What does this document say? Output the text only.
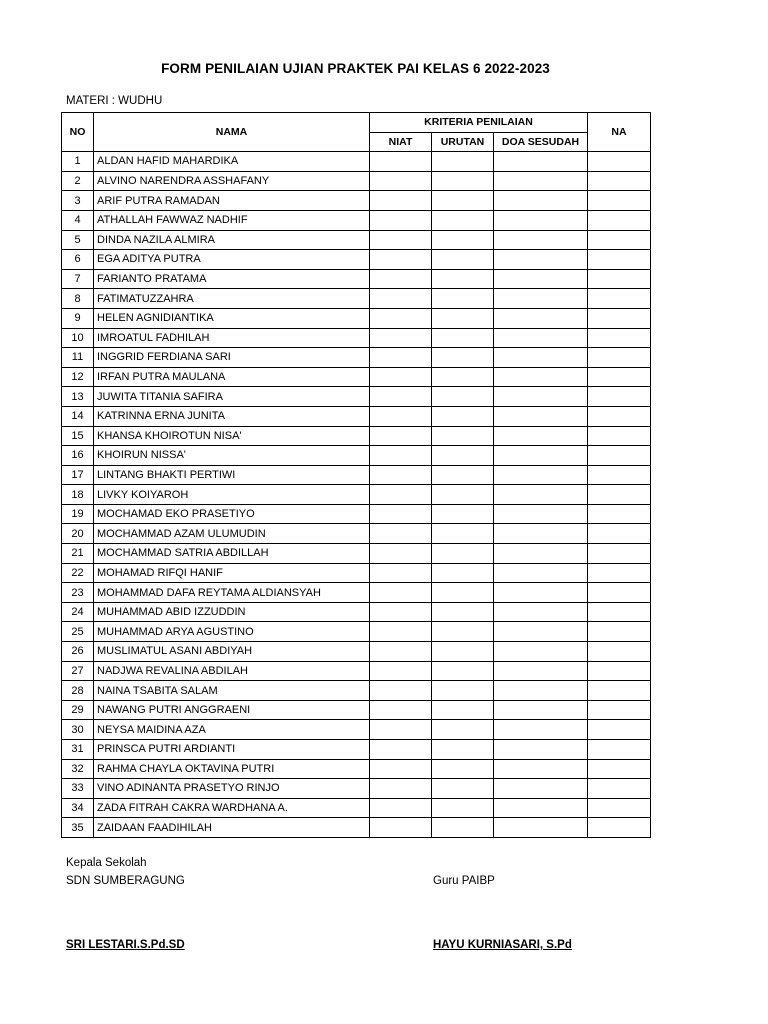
FORM PENILAIAN UJIAN PRAKTEK PAI KELAS 6 2022-2023
MATERI : WUDHU
NO	NAMA	KRITERIA PENILAIAN			NA
		NIAT	URUTAN	DOA SESUDAH	
1	ALDAN HAFID MAHARDIKA				
2	ALVINO NARENDRA ASSHAFANY				
3	ARIF PUTRA RAMADAN				
4	ATHALLAH FAWWAZ NADHIF				
5	DINDA NAZILA ALMIRA				
6	EGA ADITYA PUTRA				
7	FARIANTO PRATAMA				
8	FATIMATUZZAHRA				
9	HELEN AGNIDIANTIKA				
10	IMROATUL FADHILAH				
11	INGGRID FERDIANA SARI				
12	IRFAN PUTRA MAULANA				
13	JUWITA TITANIA SAFIRA				
14	KATRINNA ERNA JUNITA				
15	KHANSA KHOIROTUN NISA'				
16	KHOIRUN NISSA'				
17	LINTANG BHAKTI PERTIWI				
18	LIVKY KOIYAROH				
19	MOCHAMAD EKO PRASETIYO				
20	MOCHAMMAD AZAM ULUMUDIN				
21	MOCHAMMAD SATRIA ABDILLAH				
22	MOHAMAD RIFQI HANIF				
23	MOHAMMAD DAFA REYTAMA ALDIANSYAH				
24	MUHAMMAD ABID IZZUDDIN				
25	MUHAMMAD ARYA AGUSTINO				
26	MUSLIMATUL ASANI ABDIYAH				
27	NADJWA REVALINA ABDILAH				
28	NAINA TSABITA SALAM				
29	NAWANG PUTRI ANGGRAENI				
30	NEYSA MAIDINA AZA				
31	PRINSCA PUTRI ARDIANTI				
32	RAHMA CHAYLA OKTAVINA PUTRI				
33	VINO ADINANTA PRASETYO RINJO				
34	ZADA FITRAH CAKRA WARDHANA A.				
35	ZAIDAAN FAADIHILAH				
Kepala Sekolah
SDN SUMBERAGUNG	Guru PAIBP
SRI LESTARI.S.Pd.SD	HAYU KURNIASARI, S.Pd
